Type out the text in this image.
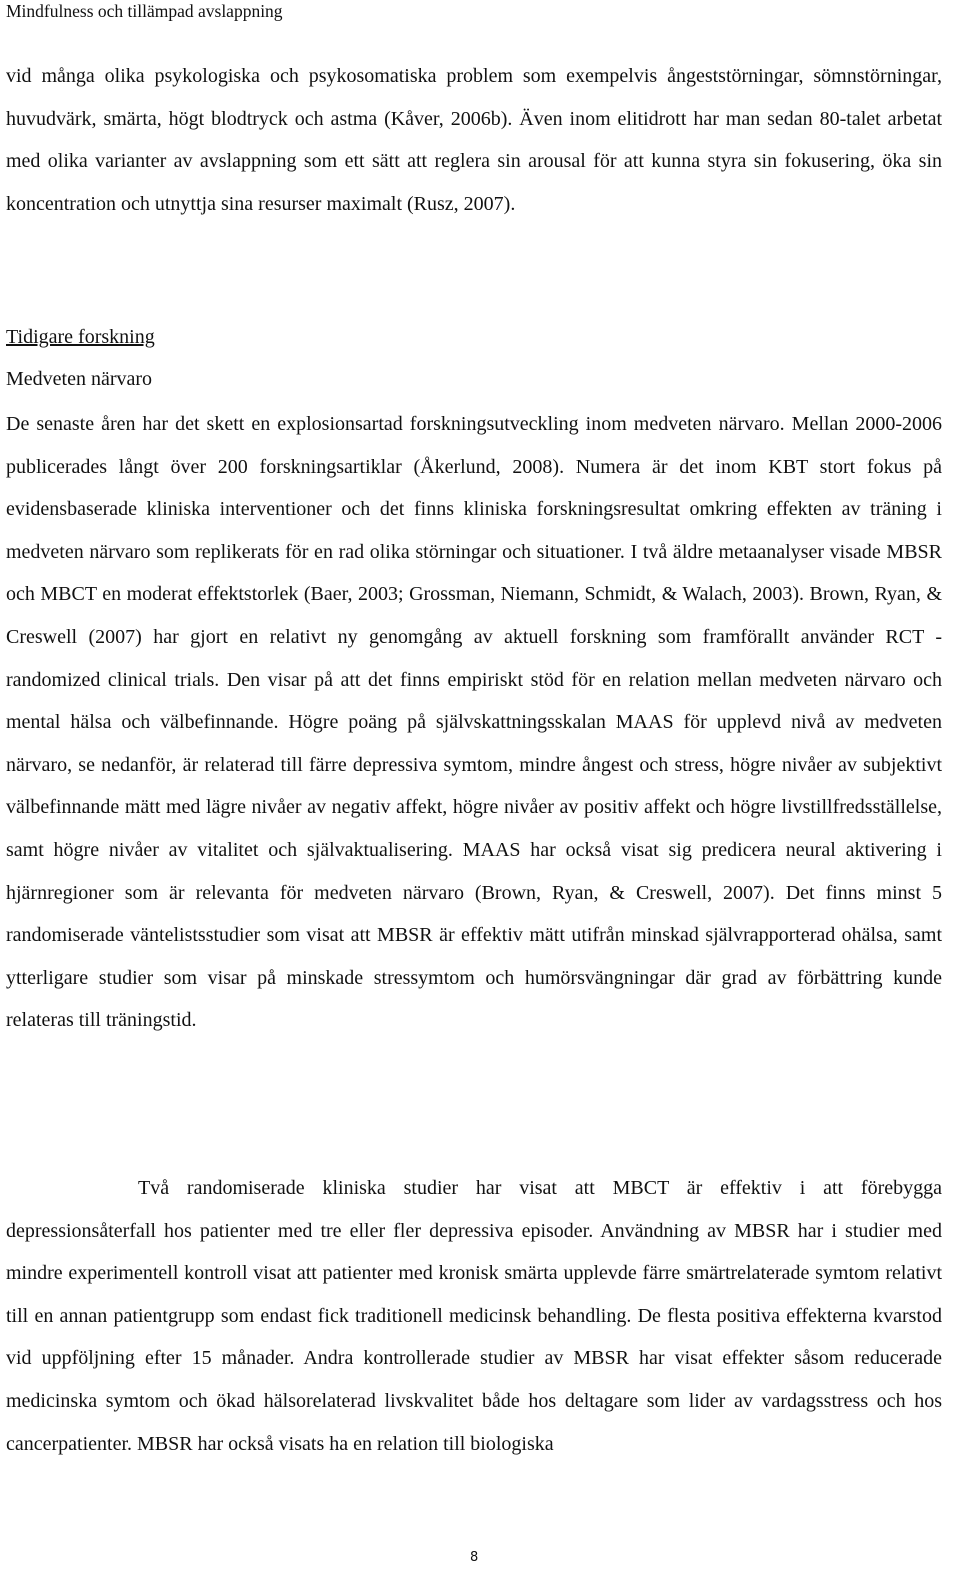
Mindfulness och tillämpad avslappning

vid många olika psykologiska och psykosomatiska problem som exempelvis ångeststörningar, sömnstörningar, huvudvärk, smärta, högt blodtryck och astma (Kåver, 2006b). Även inom elitidrott har man sedan 80-talet arbetat med olika varianter av avslappning som ett sätt att reglera sin arousal för att kunna styra sin fokusering, öka sin koncentration och utnyttja sina resurser maximalt (Rusz, 2007).

Tidigare forskning
Medveten närvaro

De senaste åren har det skett en explosionsartad forskningsutveckling inom medveten närvaro. Mellan 2000-2006 publicerades långt över 200 forskningsartiklar (Åkerlund, 2008). Numera är det inom KBT stort fokus på evidensbaserade kliniska interventioner och det finns kliniska forskningsresultat omkring effekten av träning i medveten närvaro som replikerats för en rad olika störningar och situationer. I två äldre metaanalyser visade MBSR och MBCT en moderat effektstorlek (Baer, 2003; Grossman, Niemann, Schmidt, & Walach, 2003). Brown, Ryan, & Creswell (2007) har gjort en relativt ny genomgång av aktuell forskning som framförallt använder RCT - randomized clinical trials. Den visar på att det finns empiriskt stöd för en relation mellan medveten närvaro och mental hälsa och välbefinnande. Högre poäng på självskattningsskalan MAAS för upplevd nivå av medveten närvaro, se nedanför, är relaterad till färre depressiva symtom, mindre ångest och stress, högre nivåer av subjektivt välbefinnande mätt med lägre nivåer av negativ affekt, högre nivåer av positiv affekt och högre livstillfredsställelse, samt högre nivåer av vitalitet och självaktualisering. MAAS har också visat sig predicera neural aktivering i hjärnregioner som är relevanta för medveten närvaro (Brown, Ryan, & Creswell, 2007). Det finns minst 5 randomiserade väntelistsstudier som visat att MBSR är effektiv mätt utifrån minskad självrapporterad ohälsa, samt ytterligare studier som visar på minskade stressymtom och humörsvängningar där grad av förbättring kunde relateras till träningstid.

Två randomiserade kliniska studier har visat att MBCT är effektiv i att förebygga depressionsåterfall hos patienter med tre eller fler depressiva episoder. Användning av MBSR har i studier med mindre experimentell kontroll visat att patienter med kronisk smärta upplevde färre smärtrelaterade symtom relativt till en annan patientgrupp som endast fick traditionell medicinsk behandling. De flesta positiva effekterna kvarstod vid uppföljning efter 15 månader. Andra kontrollerade studier av MBSR har visat effekter såsom reducerade medicinska symtom och ökad hälsorelaterad livskvalitet både hos deltagare som lider av vardagsstress och hos cancerpatienter. MBSR har också visats ha en relation till biologiska

8
